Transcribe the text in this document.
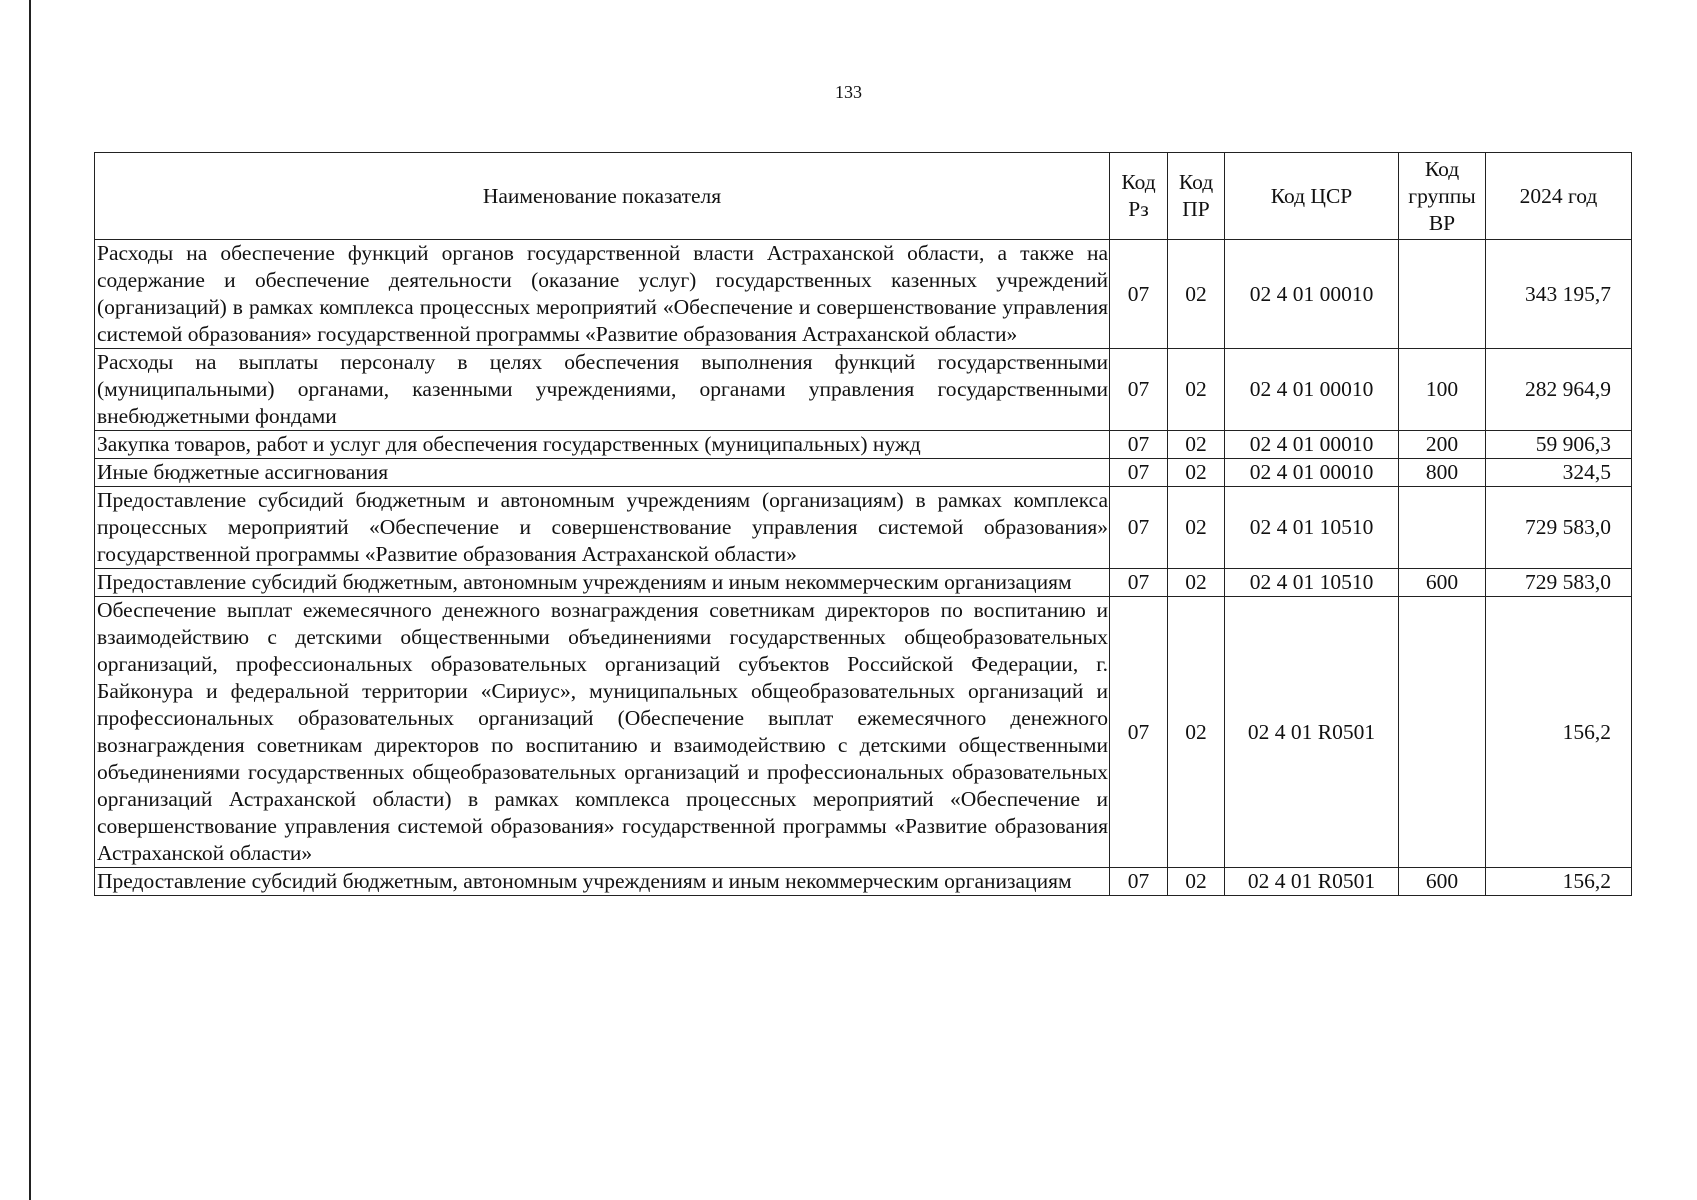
133
Наименование показателя	Код Рз	Код ПР	Код ЦСР	Код группы ВР	2024 год
Расходы на обеспечение функций органов государственной власти Астраханской области, а также на содержание и обеспечение деятельности (оказание услуг) государственных казенных учреждений (организаций) в рамках комплекса процессных мероприятий «Обеспечение и совершенствование управления системой образования» государственной программы «Развитие образования Астраханской области»	07	02	02 4 01 00010		343 195,7
Расходы на выплаты персоналу в целях обеспечения выполнения функций государственными (муниципальными) органами, казенными учреждениями, органами управления государственными внебюджетными фондами	07	02	02 4 01 00010	100	282 964,9
Закупка товаров, работ и услуг для обеспечения государственных (муниципальных) нужд	07	02	02 4 01 00010	200	59 906,3
Иные бюджетные ассигнования	07	02	02 4 01 00010	800	324,5
Предоставление субсидий бюджетным и автономным учреждениям (организациям) в рамках комплекса процессных мероприятий «Обеспечение и совершенствование управления системой образования» государственной программы «Развитие образования Астраханской области»	07	02	02 4 01 10510		729 583,0
Предоставление субсидий бюджетным, автономным учреждениям и иным некоммерческим организациям	07	02	02 4 01 10510	600	729 583,0
Обеспечение выплат ежемесячного денежного вознаграждения советникам директоров по воспитанию и взаимодействию с детскими общественными объединениями государственных общеобразовательных организаций, профессиональных образовательных организаций субъектов Российской Федерации, г. Байконура и федеральной территории «Сириус», муниципальных общеобразовательных организаций и профессиональных образовательных организаций (Обеспечение выплат ежемесячного денежного вознаграждения советникам директоров по воспитанию и взаимодействию с детскими общественными объединениями государственных общеобразовательных организаций и профессиональных образовательных организаций Астраханской области) в рамках комплекса процессных мероприятий «Обеспечение и совершенствование управления системой образования» государственной программы «Развитие образования Астраханской области»	07	02	02 4 01 R0501		156,2
Предоставление субсидий бюджетным, автономным учреждениям и иным некоммерческим организациям	07	02	02 4 01 R0501	600	156,2
